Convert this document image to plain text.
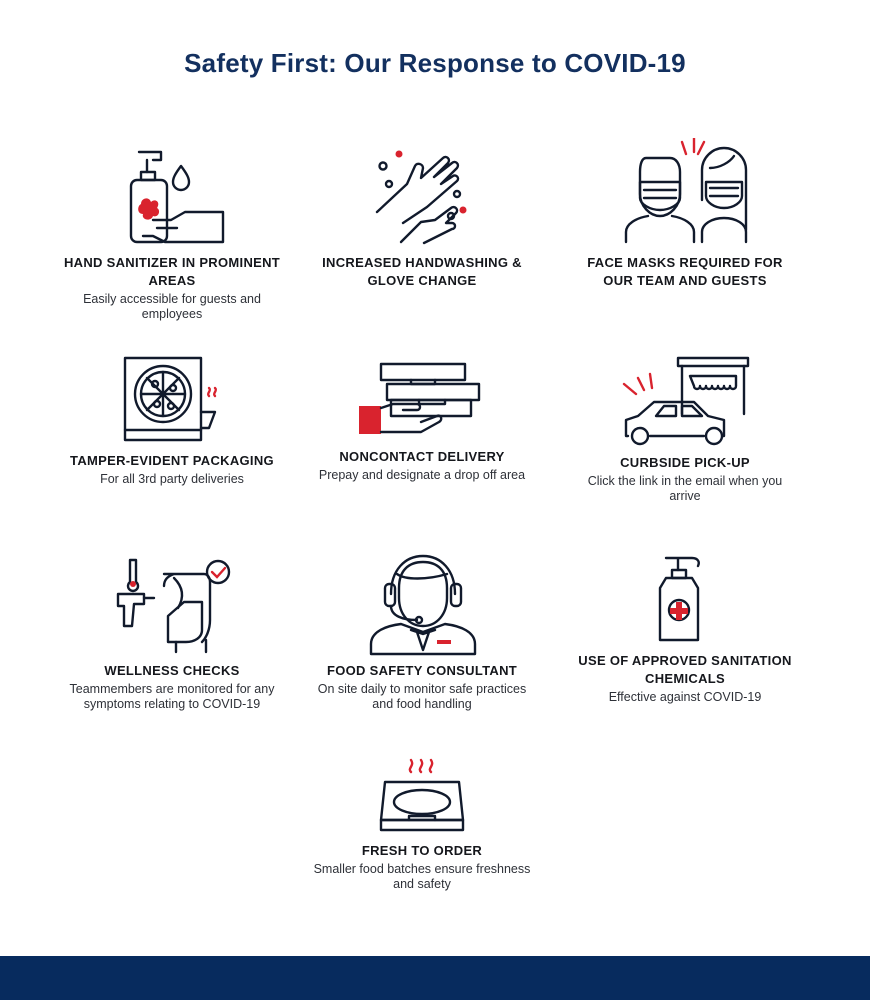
Safety First: Our Response to COVID-19
HAND SANITIZER IN PROMINENT AREAS
Easily accessible for guests and employees
INCREASED HANDWASHING & GLOVE CHANGE
FACE MASKS REQUIRED FOR OUR TEAM AND GUESTS
TAMPER-EVIDENT PACKAGING
For all 3rd party deliveries
NONCONTACT DELIVERY
Prepay and designate a drop off area
CURBSIDE PICK-UP
Click the link in the email when you arrive
WELLNESS CHECKS
Teammembers are monitored for any symptoms relating to COVID-19
FOOD SAFETY CONSULTANT
On site daily to monitor safe practices and food handling
USE OF APPROVED SANITATION CHEMICALS
Effective against COVID-19
FRESH TO ORDER
Smaller food batches ensure freshness and safety
